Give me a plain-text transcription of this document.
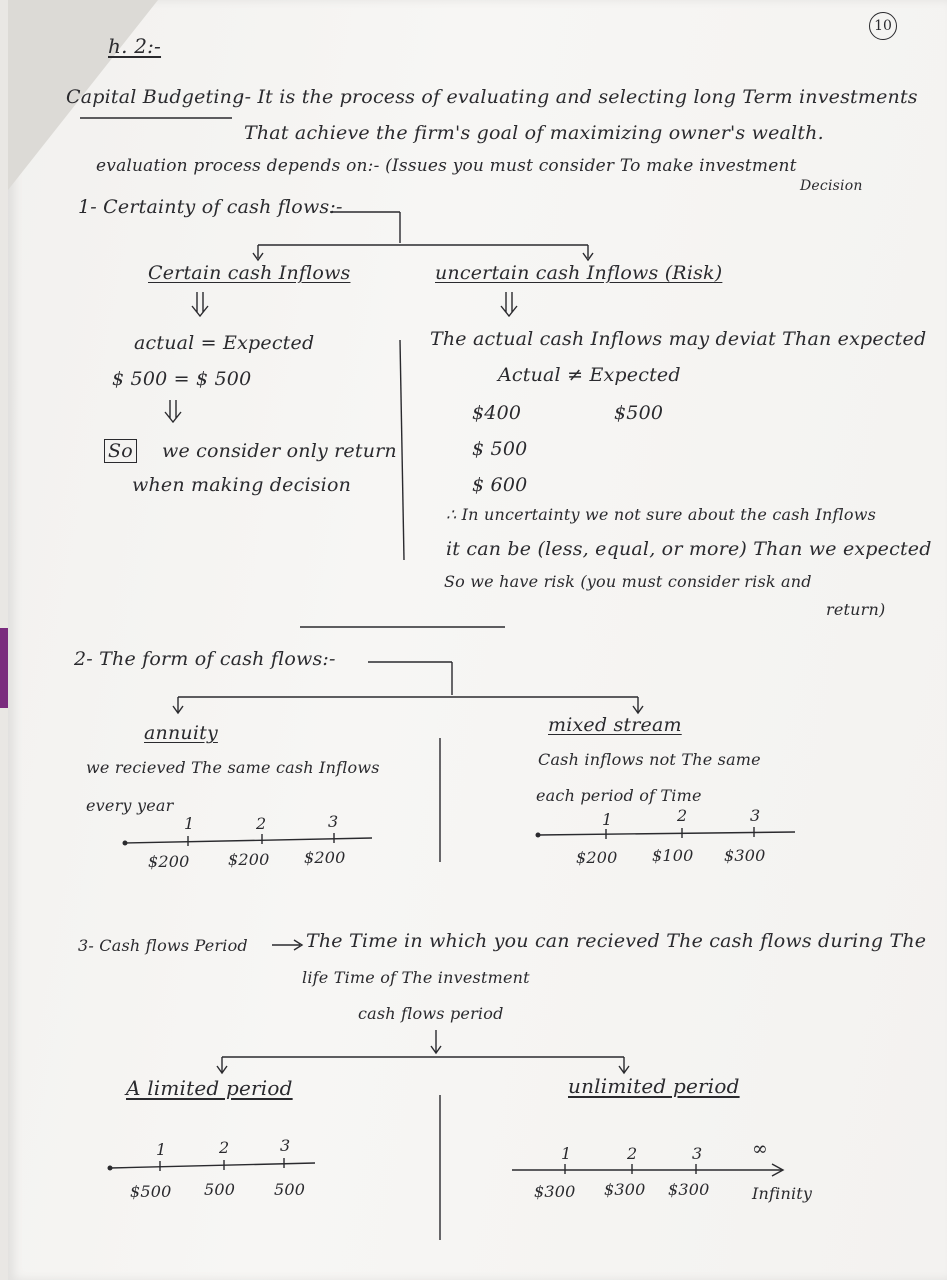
10
h. 2:-
Capital Budgeting
:- It is the process of evaluating and selecting long Term investments
That achieve the firm's goal of maximizing owner's wealth.
evaluation process depends on:- (Issues you must consider To make investment
Decision
1- Certainty of cash flows:-
Certain cash Inflows
actual = Expected
$ 500 = $ 500
So we consider only return
when making decision
uncertain cash Inflows (Risk)
The actual cash Inflows may deviat Than expected
Actual ≠ Expected
$400
$ 500
$ 600
$500
∴ In uncertainty we not sure about the cash Inflows
it can be (less, equal, or more) Than we expected
So we have risk (you must consider risk and
return)
2- The form of cash flows:-
annuity
we recieved The same cash Inflows
every year
1	2	3
$200 $200 $200
mixed stream
Cash inflows not The same
each period of Time
1	2	3
$200 $100 $300
3- Cash flows Period	The Time in which you can recieved The cash flows during The
life Time of The investment
cash flows period
A limited period
1	2	3
$500 500 500
unlimited period
1	2	3	∞
$300 $300 $300	Infinity
